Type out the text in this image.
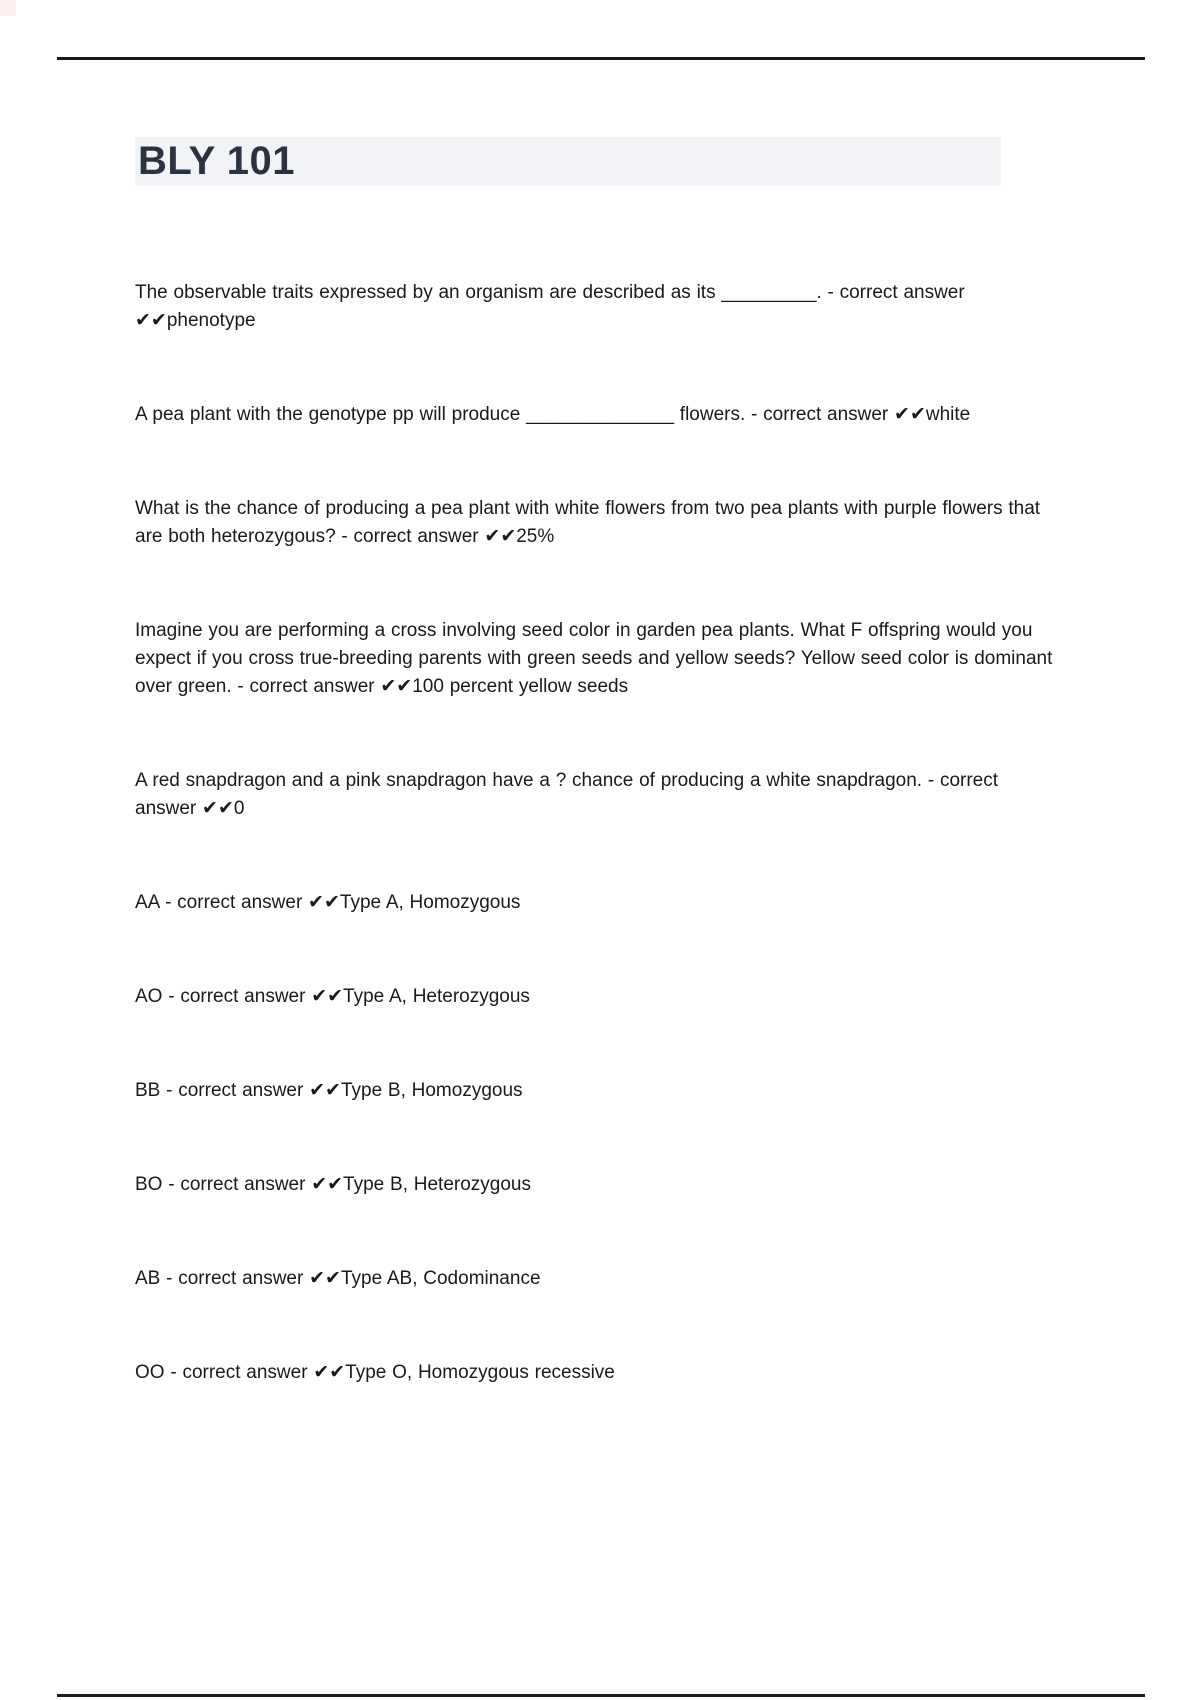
BLY 101

The observable traits expressed by an organism are described as its _________. - correct answer ✔✔phenotype

A pea plant with the genotype pp will produce ______________ flowers. - correct answer ✔✔white

What is the chance of producing a pea plant with white flowers from two pea plants with purple flowers that are both heterozygous? - correct answer ✔✔25%

Imagine you are performing a cross involving seed color in garden pea plants. What F offspring would you expect if you cross true-breeding parents with green seeds and yellow seeds? Yellow seed color is dominant over green. - correct answer ✔✔100 percent yellow seeds

A red snapdragon and a pink snapdragon have a ? chance of producing a white snapdragon. - correct answer ✔✔0

AA - correct answer ✔✔Type A, Homozygous

AO - correct answer ✔✔Type A, Heterozygous

BB - correct answer ✔✔Type B, Homozygous

BO - correct answer ✔✔Type B, Heterozygous

AB - correct answer ✔✔Type AB, Codominance

OO - correct answer ✔✔Type O, Homozygous recessive
